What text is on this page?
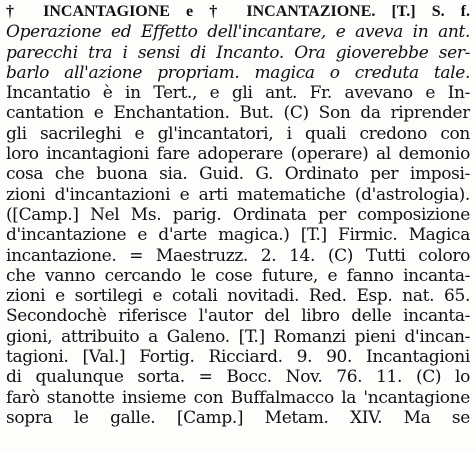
† INCANTAGIONE e † INCANTAZIONE. [T.] S. f.
Operazione ed Effetto dell'incantare, e aveva in ant.
parecchi tra i sensi di Incanto. Ora gioverebbe ser-
barlo all'azione propriam. magica o creduta tale.
Incantatio è in Tert., e gli ant. Fr. avevano e In-
cantation e Enchantation. But. (C) Son da riprender
gli sacrileghi e gl'incantatori, i quali credono con
loro incantagioni fare adoperare (operare) al demonio
cosa che buona sia. Guid. G. Ordinato per imposi-
zioni d'incantazioni e arti matematiche (d'astrologia).
([Camp.] Nel Ms. parig. Ordinata per composizione
d'incantazione e d'arte magica.) [T.] Firmic. Magica
incantazione. = Maestruzz. 2. 14. (C) Tutti coloro
che vanno cercando le cose future, e fanno incanta-
zioni e sortilegi e cotali novitadi. Red. Esp. nat. 65.
Secondochè riferisce l'autor del libro delle incanta-
gioni, attribuito a Galeno. [T.] Romanzi pieni d'incan-
tagioni. [Val.] Fortig. Ricciard. 9. 90. Incantagioni
di qualunque sorta. = Bocc. Nov. 76. 11. (C) lo
farò stanotte insieme con Buffalmacco la 'ncantagione
sopra le galle. [Camp.] Metam. XIV. Ma se
